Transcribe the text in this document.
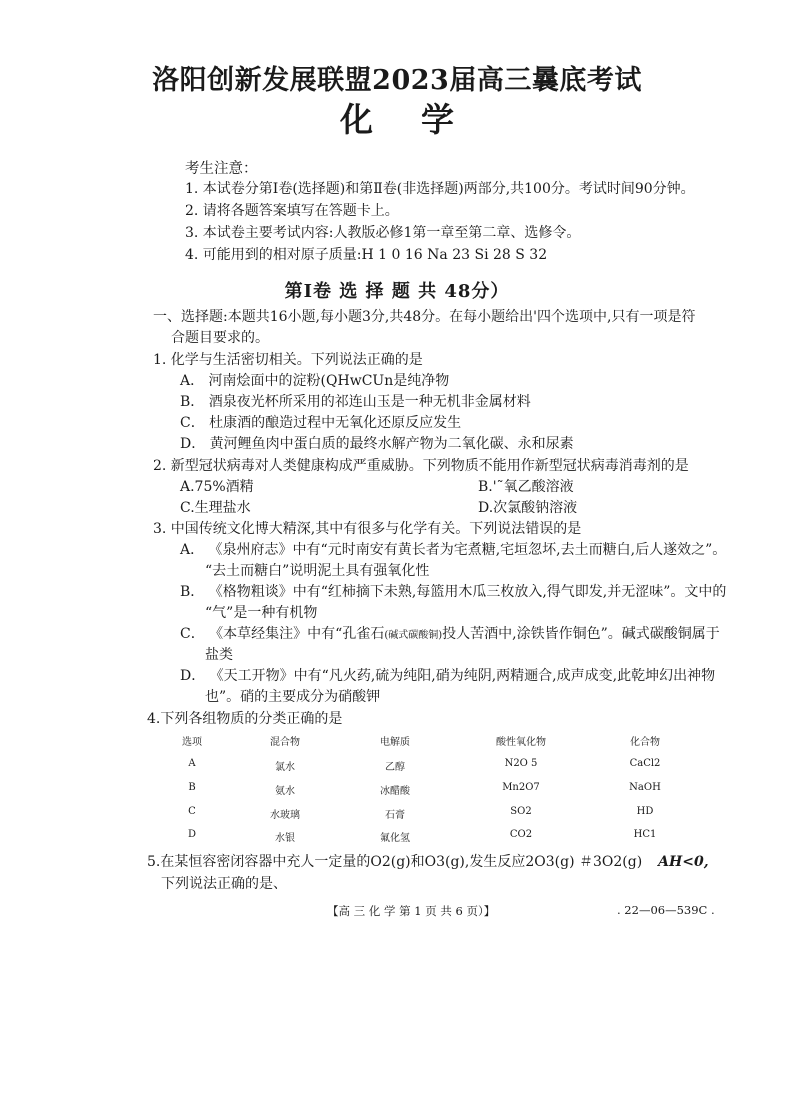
洛阳创新发展联盟2023届高三曩底考试
化学
考生注意：
1. 本试卷分第Ⅰ卷(选择题)和第Ⅱ卷(非选择题)两部分,共100分。考试时间90分钟。
2. 请将各题答案填写在答题卡上。
3. 本试卷主要考试内容:人教版必修1第一章至第二章、选修令。
4. 可能用到的相对原子质量:H 1 0 16 Na 23 Si 28 S 32
第Ⅰ卷 选 择 题 共 48分）
一、选择题:本题共16小题,每小题3分,共48分。在每小题给出'四个选项中,只有一项是符
合题目要求的。
1. 化学与生活密切相关。下列说法正确的是
A． 河南烩面中的淀粉(QHwCUn是纯净物
B． 酒泉夜光杯所采用的祁连山玉是一种无机非金属材料
C． 杜康酒的酿造过程中无氧化还原反应发生
D． 黄河鲤鱼肉中蛋白质的最终水解产物为二氧化碳、永和尿素
2. 新型冠状病毒对人类健康构成严重威胁。下列物质不能用作新型冠状病毒消毒剂的是
A.75%酒精	B.'˜氧乙酸溶液
C.生理盐水	D.次氯酸钠溶液
3. 中国传统文化博大精深,其中有很多与化学有关。下列说法错误的是
A． 《泉州府志》中有“元时南安有黄长者为宅煮糖,宅垣忽坏,去土而糖白,后人遂效之”。
“去土而糖白”说明泥土具有强氧化性
B． 《格物粗谈》中有“红柿摘下未熟,每篮用木瓜三枚放入,得气即发,并无涩味”。文中的
“气”是一种有机物
C． 《本草经集注》中有“孔雀石(碱式碳酸铜)投人苦酒中,涂铁皆作铜色”。碱式碳酸铜属于
盐类
D． 《天工开物》中有“凡火药,硫为纯阳,硝为纯阴,两精逦合,成声成变,此乾坤幻出神物
也”。硝的主要成分为硝酸钾
4.下列各组物质的分类正确的是
选项	混合物	电解质	酸性氧化物	化合物
A	氯水	乙醇	N2O 5	CaCl2
B	氨水	冰醋酸	Mn2O7	NaOH
C	水玻璃	石膏	SO2	HD
D	水银	氟化氢	CO2	HC1
5.在某恒容密闭容器中充人一定量的O2(g)和O3(g),发生反应2O3(g) ＃3O2(g) AH<0,
下列说法正确的是、
【高 三 化 学 第 1 页 共 6 页）】	. 22—06—539C .
